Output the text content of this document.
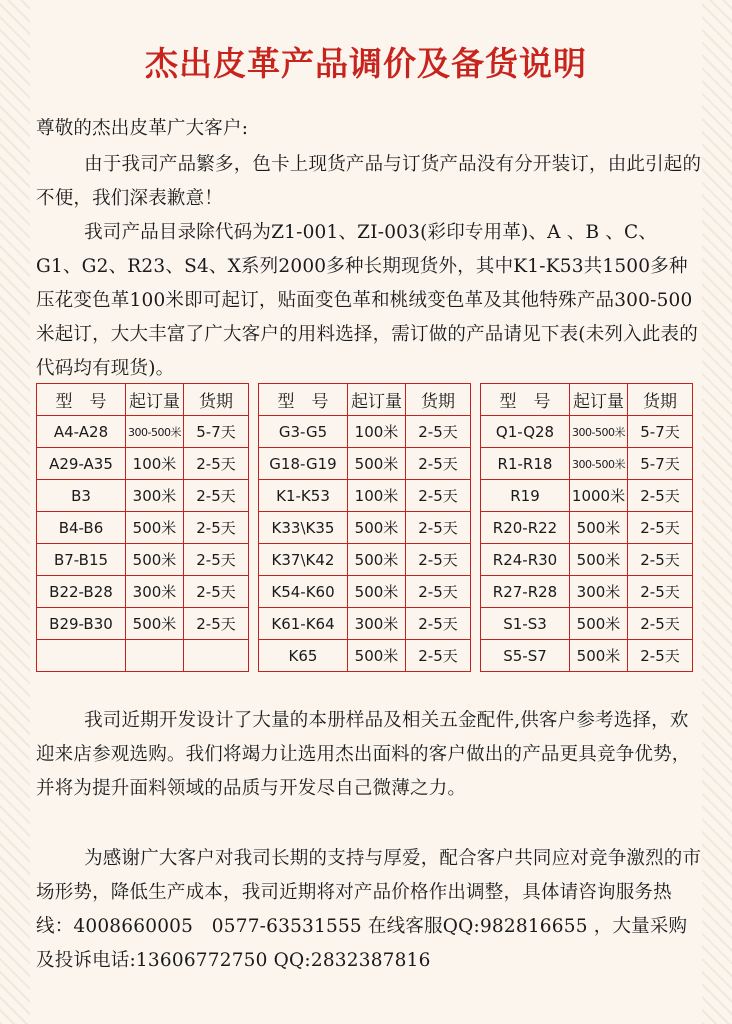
杰出皮革产品调价及备货说明
尊敬的杰出皮革广大客户:
由于我司产品繁多，色卡上现货产品与订货产品没有分开装订，由此引起的不便，我们深表歉意！
我司产品目录除代码为Z1-001、ZI-003(彩印专用革)、A 、B 、C、G1、G2、R23、S4、X系列2000多种长期现货外，其中K1-K53共1500多种压花变色革100米即可起订，贴面变色革和桃绒变色革及其他特殊产品300-500米起订，大大丰富了广大客户的用料选择，需订做的产品请见下表(未列入此表的代码均有现货)。
型　号	起订量	货期
A4-A28	300-500米	5-7天
A29-A35	100米	2-5天
B3	300米	2-5天
B4-B6	500米	2-5天
B7-B15	500米	2-5天
B22-B28	300米	2-5天
B29-B30	500米	2-5天

型　号	起订量	货期
G3-G5	100米	2-5天
G18-G19	500米	2-5天
K1-K53	100米	2-5天
K33\K35	500米	2-5天
K37\K42	500米	2-5天
K54-K60	500米	2-5天
K61-K64	300米	2-5天
K65	500米	2-5天
型　号	起订量	货期
Q1-Q28	300-500米	5-7天
R1-R18	300-500米	5-7天
R19	1000米	2-5天
R20-R22	500米	2-5天
R24-R30	500米	2-5天
R27-R28	300米	2-5天
S1-S3	500米	2-5天
S5-S7	500米	2-5天
我司近期开发设计了大量的本册样品及相关五金配件,供客户参考选择，欢迎来店参观选购。我们将竭力让选用杰出面料的客户做出的产品更具竞争优势，并将为提升面料领域的品质与开发尽自己微薄之力。
为感谢广大客户对我司长期的支持与厚爱，配合客户共同应对竞争激烈的市场形势，降低生产成本，我司近期将对产品价格作出调整，具体请咨询服务热线：4008660005　0577-63531555 在线客服QQ:982816655 ，大量采购及投诉电话:13606772750 QQ:2832387816
